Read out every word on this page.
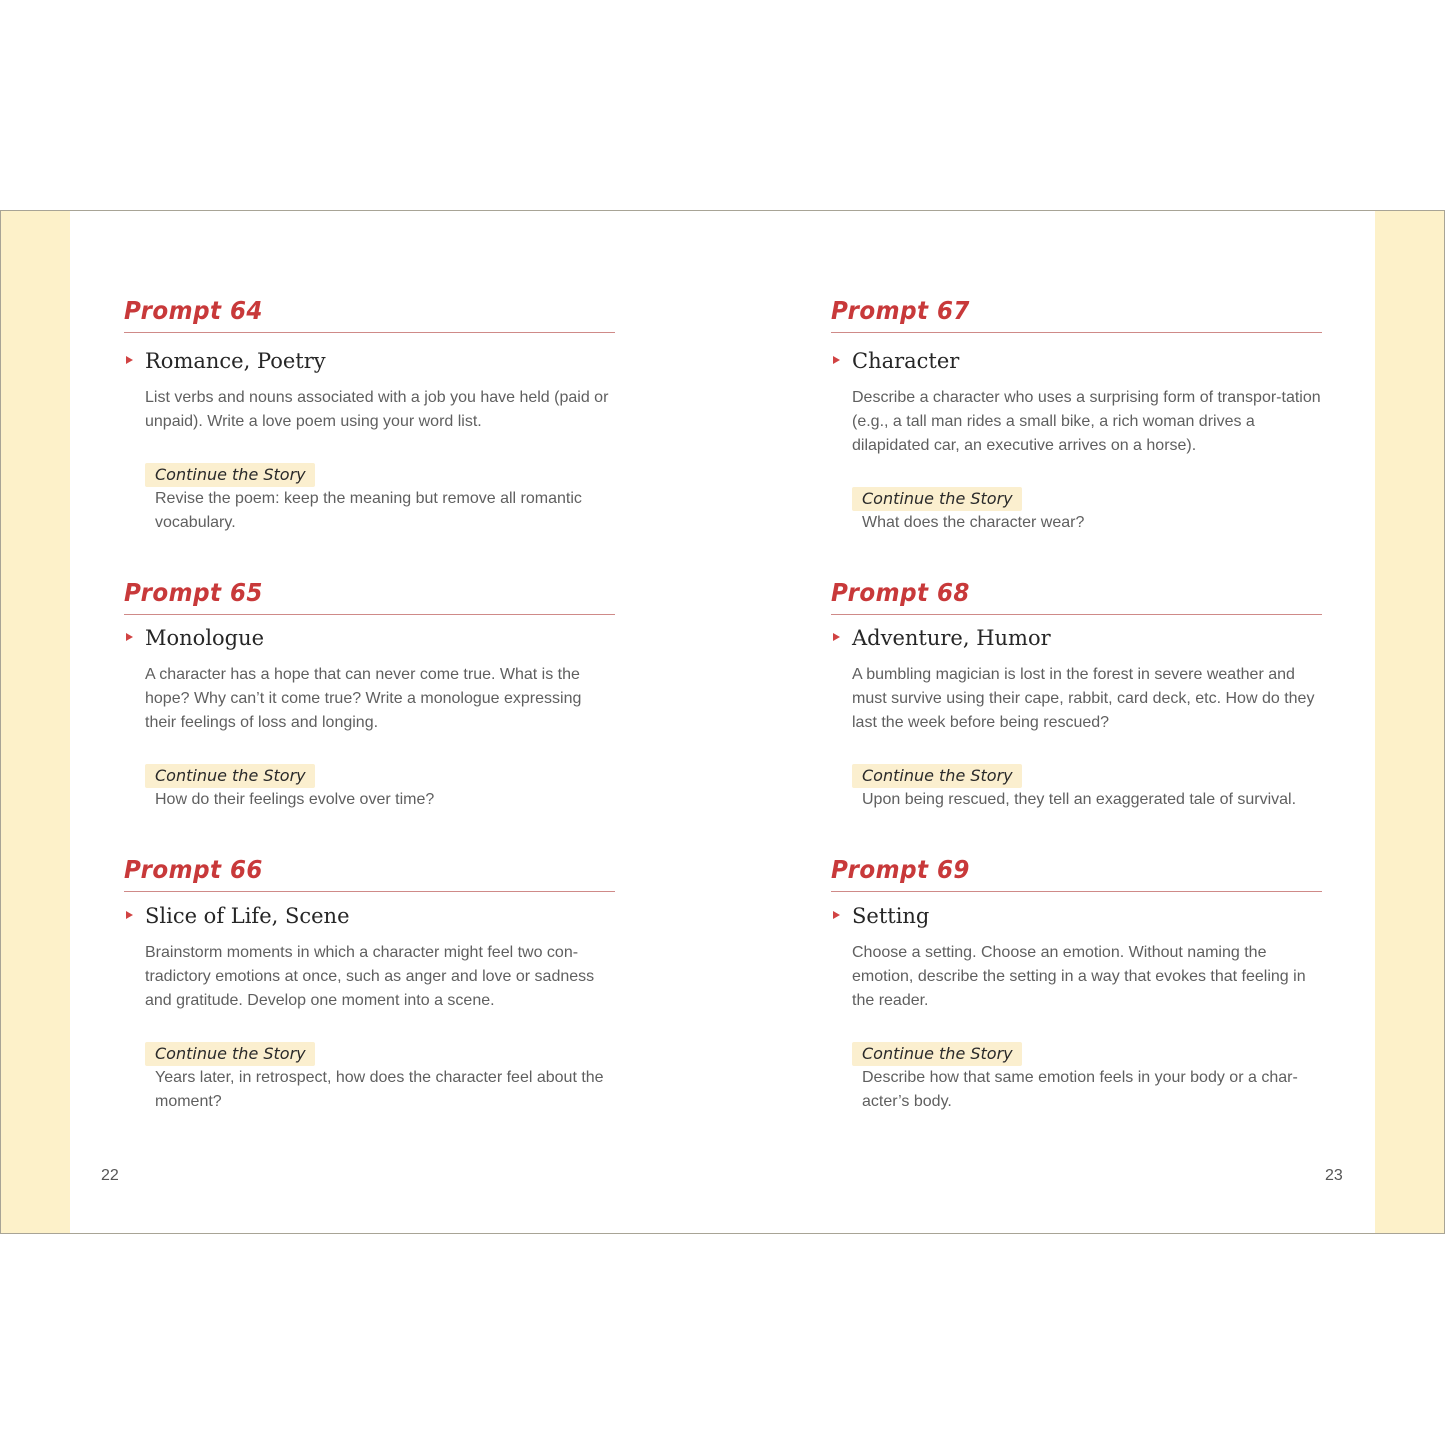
Prompt 64
Romance, Poetry

List verbs and nouns associated with a job you have held (paid or unpaid). Write a love poem using your word list.

Continue the Story

Revise the poem: keep the meaning but remove all romantic vocabulary.

Prompt 65
Monologue

A character has a hope that can never come true. What is the hope? Why can’t it come true? Write a monologue expressing their feelings of loss and longing.

Continue the Story

How do their feelings evolve over time?

Prompt 66
Slice of Life, Scene

Brainstorm moments in which a character might feel two con-tradictory emotions at once, such as anger and love or sadness and gratitude. Develop one moment into a scene.

Continue the Story

Years later, in retrospect, how does the character feel about the moment?

Prompt 67
Character

Describe a character who uses a surprising form of transpor-tation (e.g., a tall man rides a small bike, a rich woman drives a dilapidated car, an executive arrives on a horse).

Continue the Story

What does the character wear?

Prompt 68
Adventure, Humor

A bumbling magician is lost in the forest in severe weather and must survive using their cape, rabbit, card deck, etc. How do they last the week before being rescued?

Continue the Story

Upon being rescued, they tell an exaggerated tale of survival.

Prompt 69
Setting

Choose a setting. Choose an emotion. Without naming the emotion, describe the setting in a way that evokes that feeling in the reader.

Continue the Story

Describe how that same emotion feels in your body or a char-acter’s body.

22	23
